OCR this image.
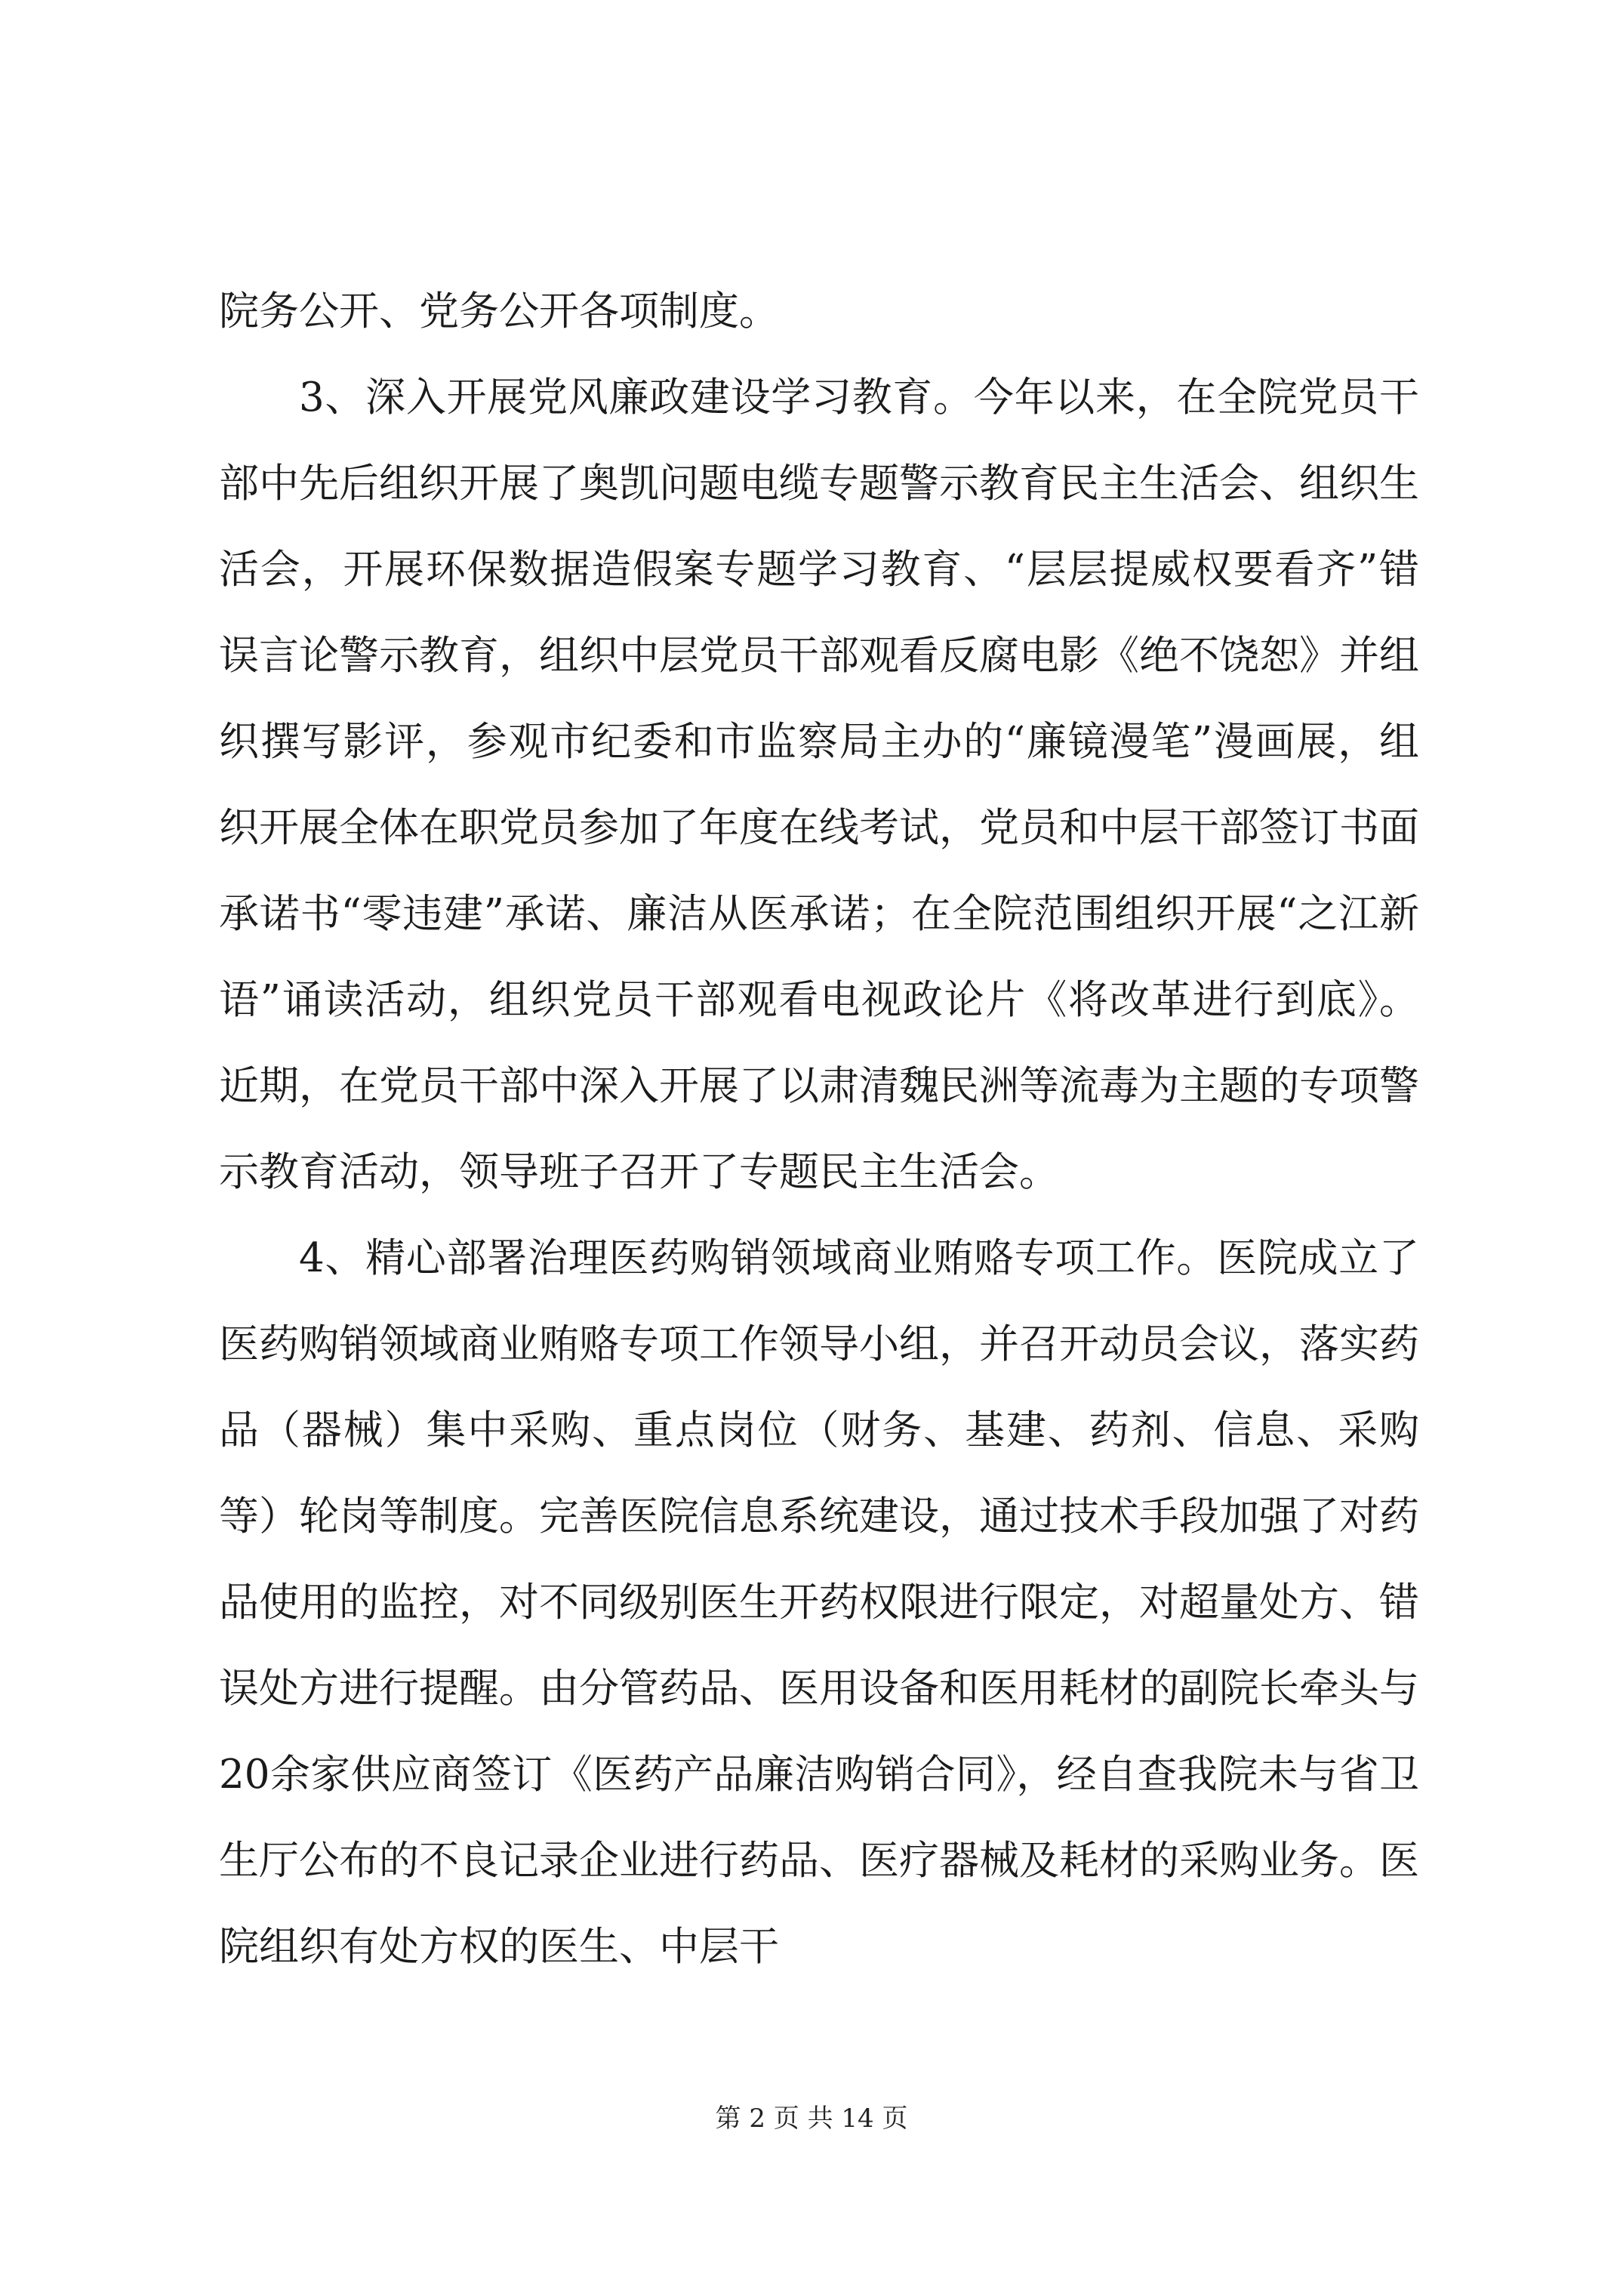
院务公开、党务公开各项制度。

3、深入开展党风廉政建设学习教育。今年以来，在全院党员干部中先后组织开展了奥凯问题电缆专题警示教育民主生活会、组织生活会，开展环保数据造假案专题学习教育、“层层提威权要看齐”错误言论警示教育，组织中层党员干部观看反腐电影《绝不饶恕》并组织撰写影评，参观市纪委和市监察局主办的“廉镜漫笔”漫画展，组织开展全体在职党员参加了年度在线考试，党员和中层干部签订书面承诺书“零违建”承诺、廉洁从医承诺；在全院范围组织开展“之江新语”诵读活动，组织党员干部观看电视政论片《将改革进行到底》。近期，在党员干部中深入开展了以肃清魏民洲等流毒为主题的专项警示教育活动，领导班子召开了专题民主生活会。

4、精心部署治理医药购销领域商业贿赂专项工作。医院成立了医药购销领域商业贿赂专项工作领导小组，并召开动员会议，落实药品（器械）集中采购、重点岗位（财务、基建、药剂、信息、采购等）轮岗等制度。完善医院信息系统建设，通过技术手段加强了对药品使用的监控，对不同级别医生开药权限进行限定，对超量处方、错误处方进行提醒。由分管药品、医用设备和医用耗材的副院长牵头与20余家供应商签订《医药产品廉洁购销合同》，经自查我院未与省卫生厅公布的不良记录企业进行药品、医疗器械及耗材的采购业务。医院组织有处方权的医生、中层干

第 2 页 共 14 页
